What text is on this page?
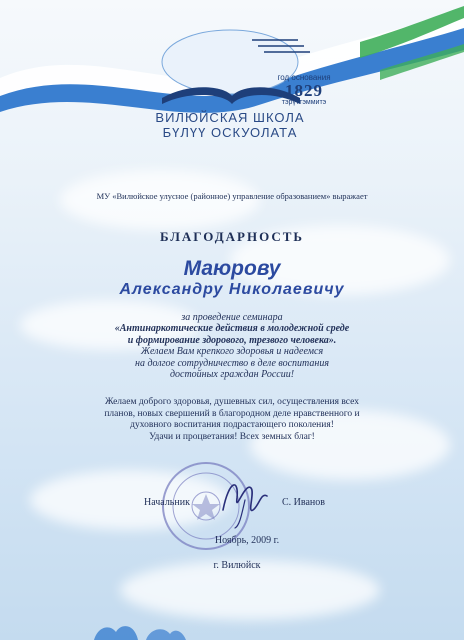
год основания
1829
тэрүттэммитэ
ВИЛЮЙСКАЯ ШКОЛА
БҮЛҮҮ ОСКУОЛАТА
МУ «Вилюйское улусное (районное) управление образованием» выражает
БЛАГОДАРНОСТЬ
Маюрову
Александру Николаевичу
за проведение семинара
«Антинаркотические действия в молодежной среде
и формирование здорового, трезвого человека».
Желаем Вам крепкого здоровья и надеемся
на долгое сотрудничество в деле воспитания
достойных граждан России!
Желаем доброго здоровья, душевных сил, осуществления всех
планов, новых свершений в благородном деле нравственного и
духовного воспитания подрастающего поколения!
Удачи и процветания! Всех земных благ!
Начальник	С. Иванов
Ноябрь, 2009 г.
г. Вилюйск
